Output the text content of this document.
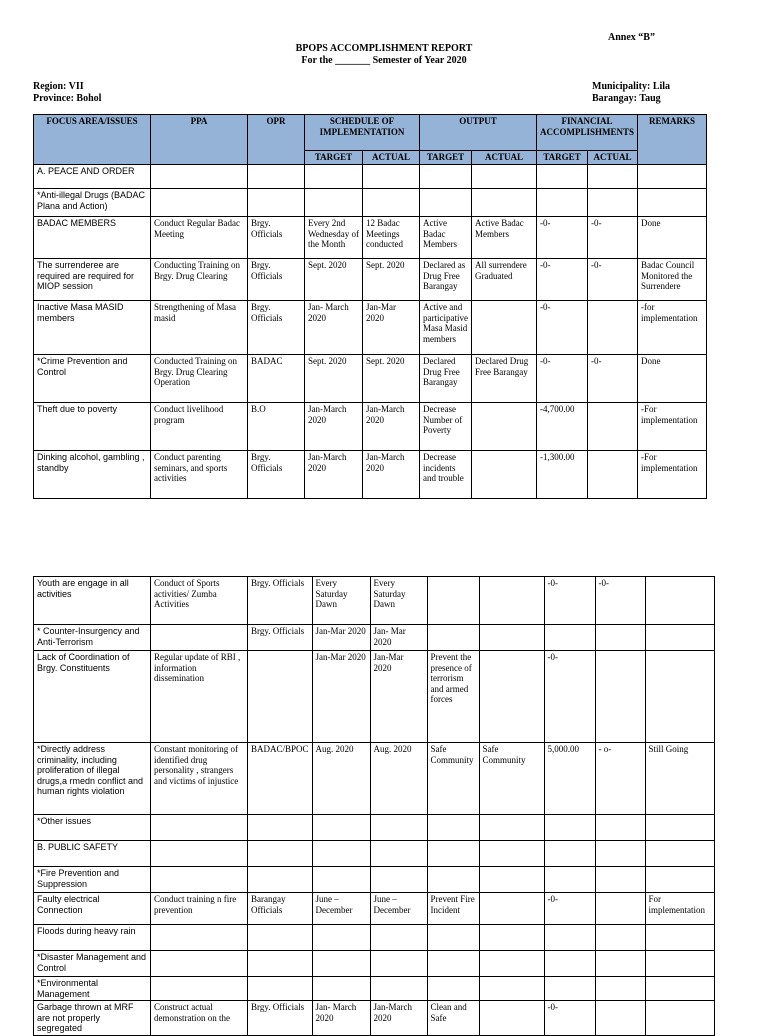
Annex “B”
BPOPS ACCOMPLISHMENT REPORT
For the _______ Semester of Year 2020
Region: VII
Province: Bohol
Municipality: Lila
Barangay: Taug
FOCUS AREA/ISSUES	PPA	OPR	SCHEDULE OF IMPLEMENTATION		OUTPUT		FINANCIAL ACCOMPLISHMENTS		REMARKS
			TARGET	ACTUAL	TARGET	ACTUAL	TARGET	ACTUAL	
A. PEACE AND ORDER									
*Anti-illegal Drugs (BADAC Plana and Action)									
BADAC MEMBERS	Conduct Regular Badac Meeting	Brgy. Officials	Every 2nd Wednesday of the Month	12 Badac Meetings conducted	Active Badac Members	Active Badac Members	-0-	-0-	Done
The surrenderee are required are required for MIOP session	Conducting Training on Brgy. Drug Clearing	Brgy. Officials	Sept. 2020	Sept. 2020	Declared as Drug Free Barangay	All surrendere Graduated	-0-	-0-	Badac Council Monitored the Surrendere
Inactive Masa MASID members	Strengthening of Masa masid	Brgy. Officials	Jan- March 2020	Jan-Mar 2020	Active and participative Masa Masid members		-0-		-for implementation
*Crime Prevention and Control	Conducted Training on Brgy. Drug Clearing Operation	BADAC	Sept. 2020	Sept. 2020	Declared Drug Free Barangay	Declared Drug Free Barangay	-0-	-0-	Done
Theft due to poverty	Conduct livelihood program	B.O	Jan-March 2020	Jan-March 2020	Decrease Number of Poverty		-4,700.00		-For implementation
Dinking alcohol, gambling , standby	Conduct parenting seminars, and sports activities	Brgy. Officials	Jan-March 2020	Jan-March 2020	Decrease incidents and trouble		-1,300.00		-For implementation
Youth are engage in all activities	Conduct of Sports activities/ Zumba Activities	Brgy. Officials	Every Saturday Dawn	Every Saturday Dawn			-0-	-0-	
* Counter-Insurgency and Anti-Terrorism		Brgy. Officials	Jan-Mar 2020	Jan- Mar 2020					
Lack of Coordination of Brgy. Constituents	Regular update of RBI , information dissemination		Jan-Mar 2020	Jan-Mar 2020	Prevent the presence of terrorism and armed forces		-0-		
*Directly address criminality, including proliferation of illegal drugs,a rmedn conflict and human rights violation	Constant monitoring of identified drug personality , strangers and victims of injustice	BADAC/BPOC	Aug. 2020	Aug. 2020	Safe Community	Safe Community	5,000.00	- o-	Still Going
*Other issues									
B. PUBLIC SAFETY									
*Fire Prevention and Suppression									
Faulty electrical Connection	Conduct training n fire prevention	Barangay Officials	June – December	June – December	Prevent Fire Incident		-0-		For implementation
Floods during heavy rain									
*Disaster Management and Control									
*Environmental Management									
Garbage thrown at MRF are not properly segregated	Construct actual demonstration on the	Brgy. Officials	Jan- March 2020	Jan-March 2020	Clean and Safe		-0-		
